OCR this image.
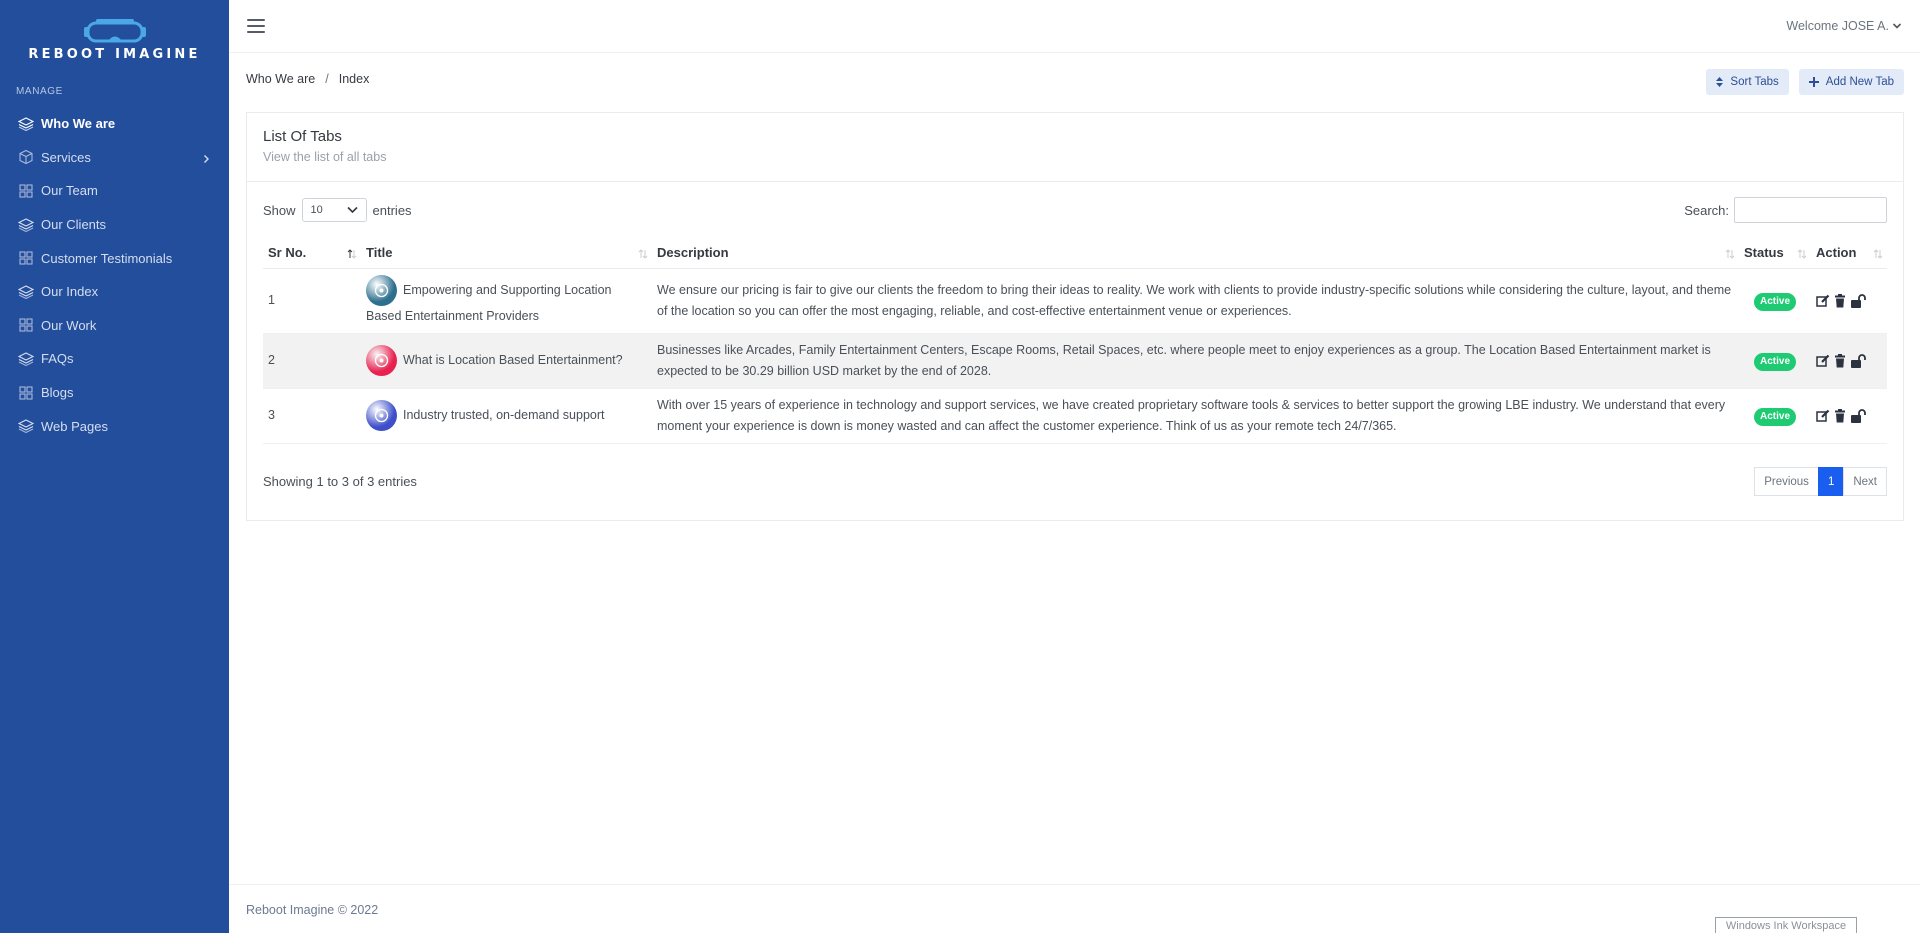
REBOOT IMAGINE
MANAGE
Who We are
Services
Our Team
Our Clients
Customer Testimonials
Our Index
Our Work
FAQs
Blogs
Web Pages
Welcome JOSE A.
Who We are / Index	Sort Tabs	Add New Tab
List Of Tabs
View the list of all tabs
Show 10	entries	Search:
Sr No.	Title	Description	Status	Action

1	Empowering and Supporting Location Based Entertainment Providers	We ensure our pricing is fair to give our clients the freedom to bring their ideas to reality. We work with clients to provide industry-specific solutions while considering the culture, layout, and theme of the location so you can offer the most engaging, reliable, and cost-effective entertainment venue or experiences.	Active	

2	What is Location Based Entertainment?	Businesses like Arcades, Family Entertainment Centers, Escape Rooms, Retail Spaces, etc. where people meet to enjoy experiences as a group. The Location Based Entertainment market is expected to be 30.29 billion USD market by the end of 2028.	Active	

3	Industry trusted, on-demand support	With over 15 years of experience in technology and support services, we have created proprietary software tools & services to better support the growing LBE industry. We understand that every moment your experience is down is money wasted and can affect the customer experience. Think of us as your remote tech 24/7/365.	Active	
Showing 1 to 3 of 3 entries	Previous	1	Next
Reboot Imagine © 2022
Windows Ink Workspace
